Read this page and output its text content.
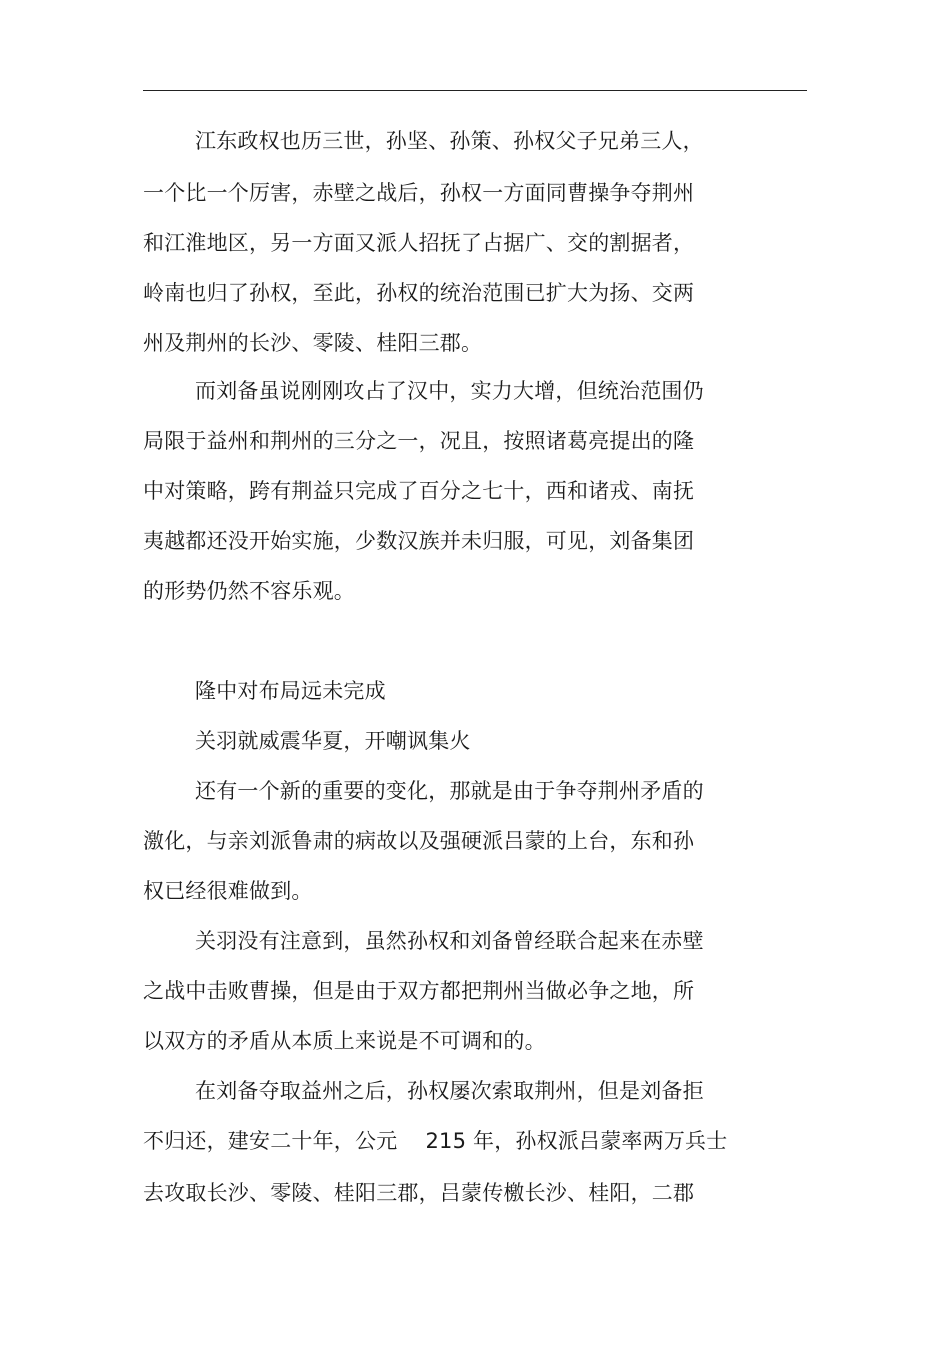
江东政权也历三世，孙坚、孙策、孙权父子兄弟三人，
一个比一个厉害，赤壁之战后，孙权一方面同曹操争夺荆州
和江淮地区，另一方面又派人招抚了占据广、交的割据者，
岭南也归了孙权，至此，孙权的统治范围已扩大为扬、交两
州及荆州的长沙、零陵、桂阳三郡。
而刘备虽说刚刚攻占了汉中，实力大增，但统治范围仍
局限于益州和荆州的三分之一，况且，按照诸葛亮提出的隆
中对策略，跨有荆益只完成了百分之七十，西和诸戎、南抚
夷越都还没开始实施，少数汉族并未归服，可见，刘备集团
的形势仍然不容乐观。
隆中对布局远未完成
关羽就威震华夏，开嘲讽集火
还有一个新的重要的变化，那就是由于争夺荆州矛盾的
激化，与亲刘派鲁肃的病故以及强硬派吕蒙的上台，东和孙
权已经很难做到。
关羽没有注意到，虽然孙权和刘备曾经联合起来在赤壁
之战中击败曹操，但是由于双方都把荆州当做必争之地，所
以双方的矛盾从本质上来说是不可调和的。
在刘备夺取益州之后，孙权屡次索取荆州，但是刘备拒
不归还，建安二十年，公元　 215 年，孙权派吕蒙率两万兵士
去攻取长沙、零陵、桂阳三郡，吕蒙传檄长沙、桂阳，二郡
